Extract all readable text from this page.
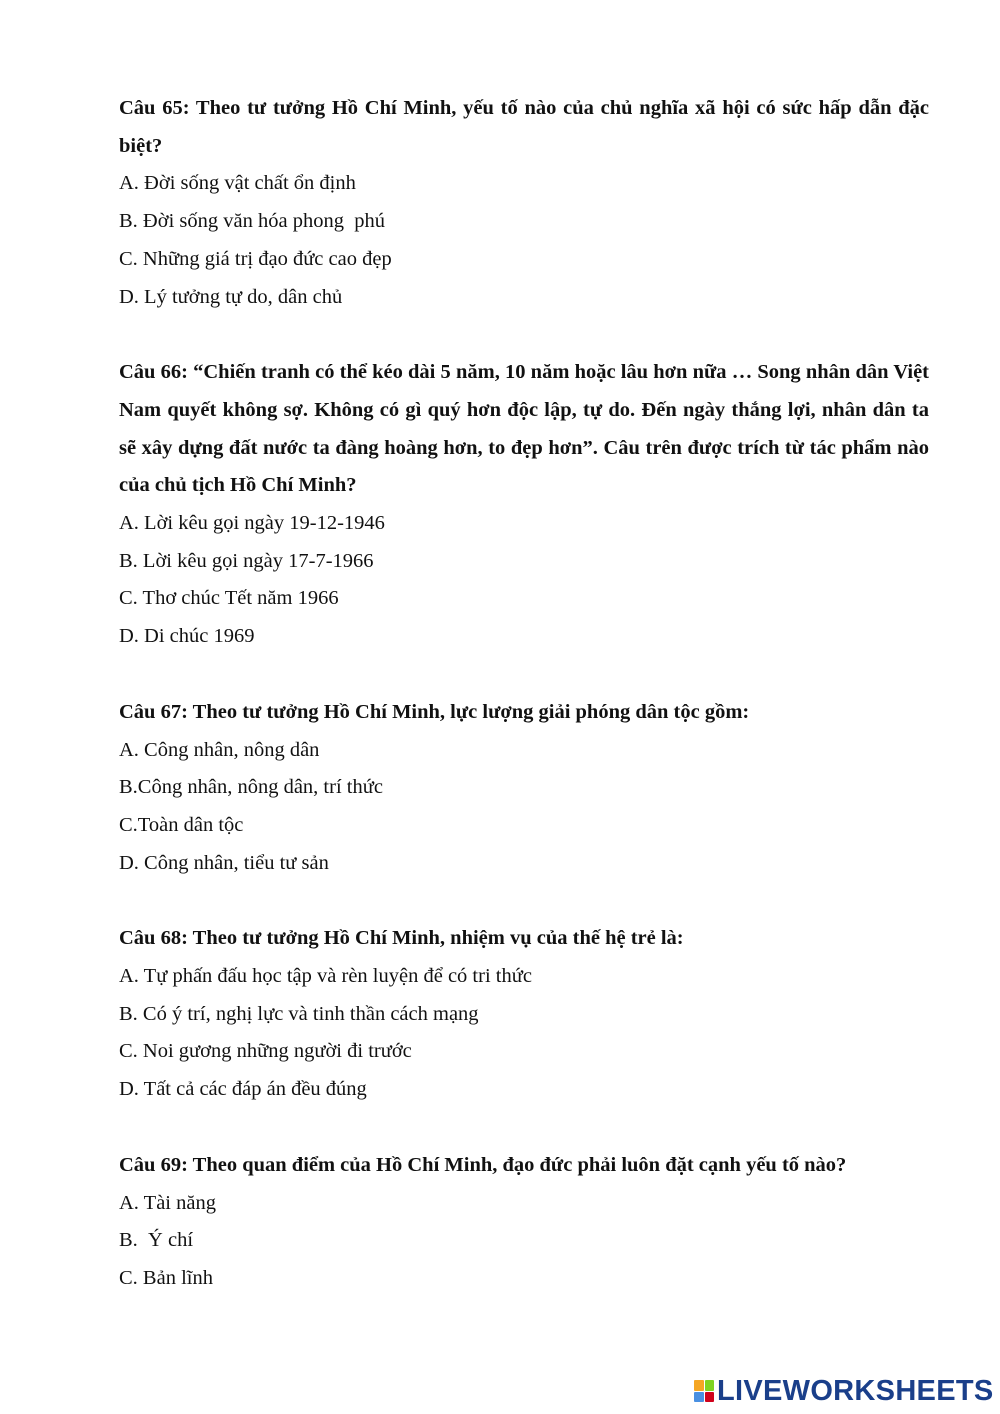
Câu 65: Theo tư tưởng Hồ Chí Minh, yếu tố nào của chủ nghĩa xã hội có sức hấp dẫn đặc biệt?

A. Đời sống vật chất ổn định

B. Đời sống văn hóa phong  phú

C. Những giá trị đạo đức cao đẹp

D. Lý tưởng tự do, dân chủ

Câu 66: “Chiến tranh có thể kéo dài 5 năm, 10 năm hoặc lâu hơn nữa … Song nhân dân Việt Nam quyết không sợ. Không có gì quý hơn độc lập, tự do. Đến ngày thắng lợi, nhân dân ta sẽ xây dựng đất nước ta đàng hoàng hơn, to đẹp hơn”. Câu trên được trích từ tác phẩm nào của chủ tịch Hồ Chí Minh?

A. Lời kêu gọi ngày 19-12-1946

B. Lời kêu gọi ngày 17-7-1966

C. Thơ chúc Tết năm 1966

D. Di chúc 1969

Câu 67: Theo tư tưởng Hồ Chí Minh, lực lượng giải phóng dân tộc gồm:

A. Công nhân, nông dân

B.Công nhân, nông dân, trí thức

C.Toàn dân tộc

D. Công nhân, tiểu tư sản

Câu 68: Theo tư tưởng Hồ Chí Minh, nhiệm vụ của thế hệ trẻ là:

A. Tự phấn đấu học tập và rèn luyện để có tri thức

B. Có ý trí, nghị lực và tinh thần cách mạng

C. Noi gương những người đi trước

D. Tất cả các đáp án đều đúng

Câu 69: Theo quan điểm của Hồ Chí Minh, đạo đức phải luôn đặt cạnh yếu tố nào?

A. Tài năng

B.  Ý chí

C. Bản lĩnh

LIVEWORKSHEETS
